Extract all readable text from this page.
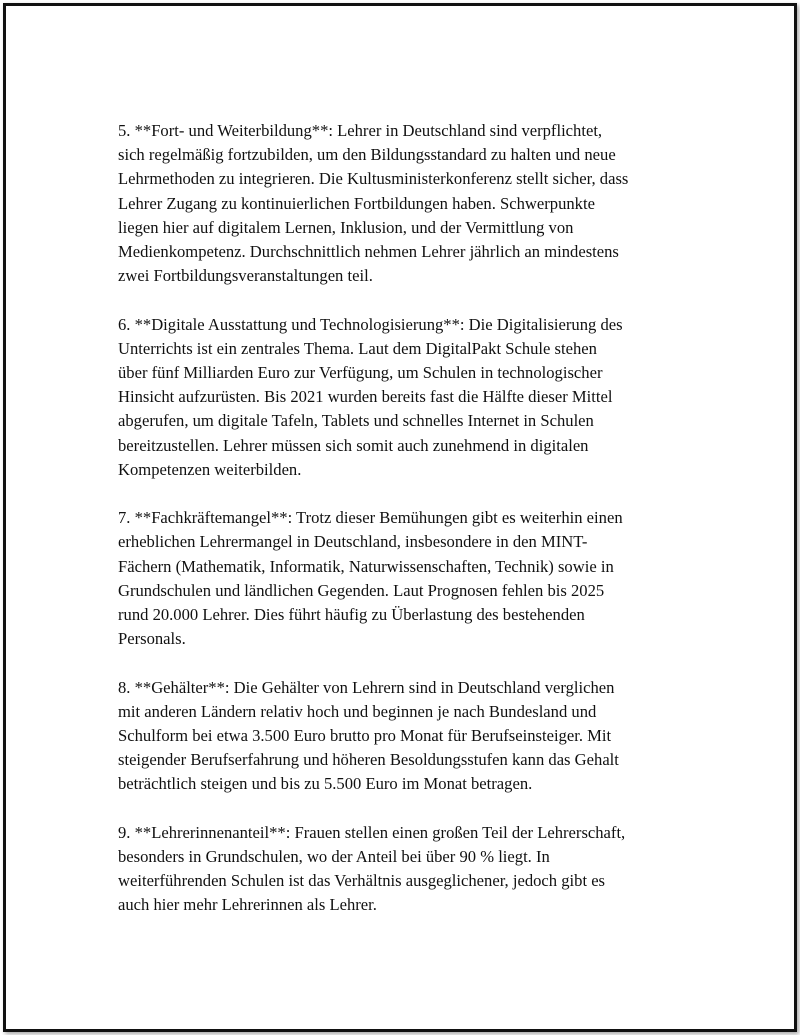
5. **Fort- und Weiterbildung**: Lehrer in Deutschland sind verpflichtet,
sich regelmäßig fortzubilden, um den Bildungsstandard zu halten und neue
Lehrmethoden zu integrieren. Die Kultusministerkonferenz stellt sicher, dass
Lehrer Zugang zu kontinuierlichen Fortbildungen haben. Schwerpunkte
liegen hier auf digitalem Lernen, Inklusion, und der Vermittlung von
Medienkompetenz. Durchschnittlich nehmen Lehrer jährlich an mindestens
zwei Fortbildungsveranstaltungen teil.

6. **Digitale Ausstattung und Technologisierung**: Die Digitalisierung des
Unterrichts ist ein zentrales Thema. Laut dem DigitalPakt Schule stehen
über fünf Milliarden Euro zur Verfügung, um Schulen in technologischer
Hinsicht aufzurüsten. Bis 2021 wurden bereits fast die Hälfte dieser Mittel
abgerufen, um digitale Tafeln, Tablets und schnelles Internet in Schulen
bereitzustellen. Lehrer müssen sich somit auch zunehmend in digitalen
Kompetenzen weiterbilden.

7. **Fachkräftemangel**: Trotz dieser Bemühungen gibt es weiterhin einen
erheblichen Lehrermangel in Deutschland, insbesondere in den MINT-
Fächern (Mathematik, Informatik, Naturwissenschaften, Technik) sowie in
Grundschulen und ländlichen Gegenden. Laut Prognosen fehlen bis 2025
rund 20.000 Lehrer. Dies führt häufig zu Überlastung des bestehenden
Personals.

8. **Gehälter**: Die Gehälter von Lehrern sind in Deutschland verglichen
mit anderen Ländern relativ hoch und beginnen je nach Bundesland und
Schulform bei etwa 3.500 Euro brutto pro Monat für Berufseinsteiger. Mit
steigender Berufserfahrung und höheren Besoldungsstufen kann das Gehalt
beträchtlich steigen und bis zu 5.500 Euro im Monat betragen.

9. **Lehrerinnenanteil**: Frauen stellen einen großen Teil der Lehrerschaft,
besonders in Grundschulen, wo der Anteil bei über 90 % liegt. In
weiterführenden Schulen ist das Verhältnis ausgeglichener, jedoch gibt es
auch hier mehr Lehrerinnen als Lehrer.
